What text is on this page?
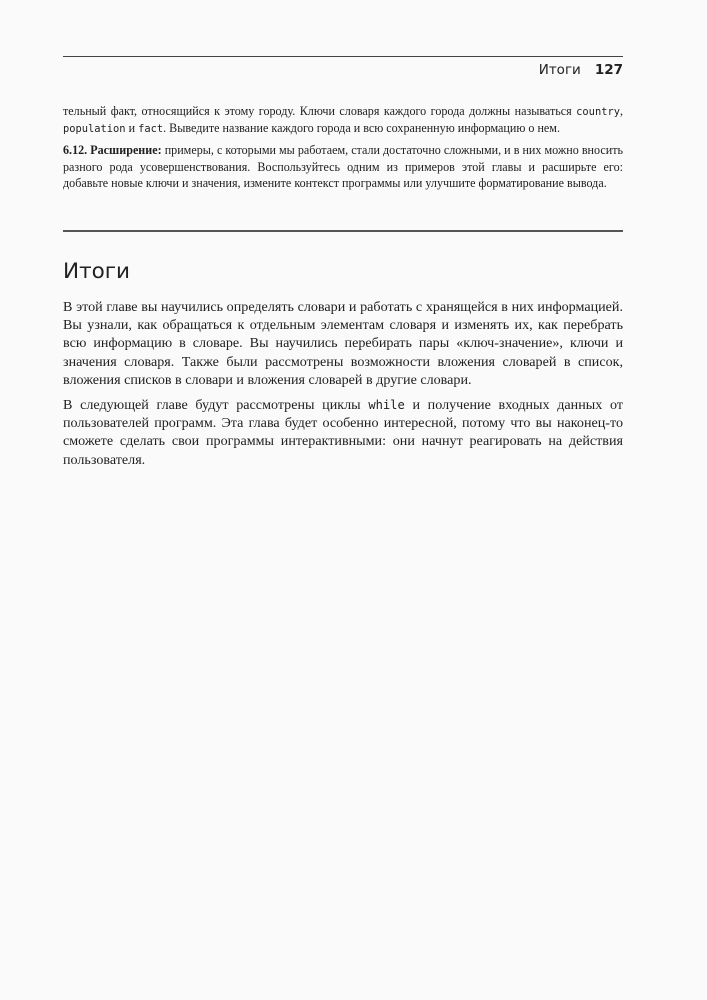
Итоги 127

тельный факт, относящийся к этому городу. Ключи словаря каждого города должны называться country, population и fact. Выведите название каждого города и всю сохраненную информацию о нем.

6.12. Расширение: примеры, с которыми мы работаем, стали достаточно сложными, и в них можно вносить разного рода усовершенствования. Воспользуйтесь одним из примеров этой главы и расширьте его: добавьте новые ключи и значения, измените контекст программы или улучшите форматирование вывода.

Итоги

В этой главе вы научились определять словари и работать с хранящейся в них информацией. Вы узнали, как обращаться к отдельным элементам словаря и изменять их, как перебрать всю информацию в словаре. Вы научились перебирать пары «ключ-значение», ключи и значения словаря. Также были рассмотрены возможности вложения словарей в список, вложения списков в словари и вложения словарей в другие словари.

В следующей главе будут рассмотрены циклы while и получение входных данных от пользователей программ. Эта глава будет особенно интересной, потому что вы наконец-то сможете сделать свои программы интерактивными: они начнут реагировать на действия пользователя.
